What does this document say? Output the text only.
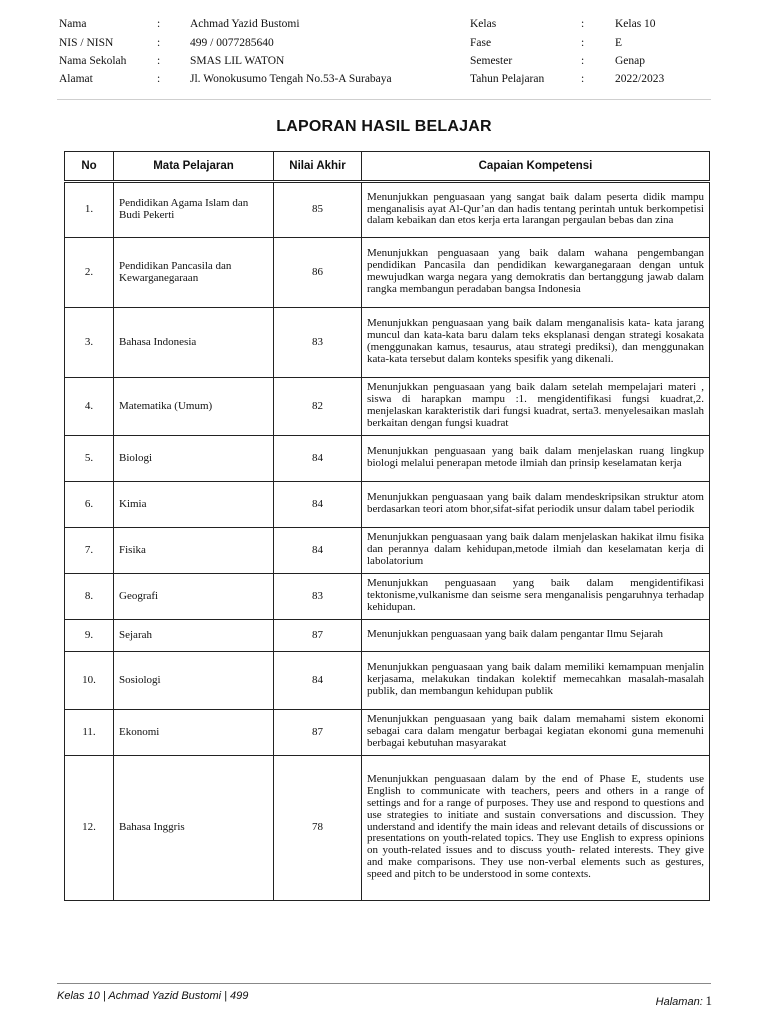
Nama	:	Achmad Yazid Bustomi
NIS / NISN	:	499 / 0077285640
Nama Sekolah	:	SMAS LIL WATON
Alamat	:	Jl. Wonokusumo Tengah No.53-A Surabaya
Kelas	:	Kelas 10
Fase	:	E
Semester	:	Genap
Tahun Pelajaran	:	2022/2023
LAPORAN HASIL BELAJAR
No	Mata Pelajaran	Nilai Akhir	Capaian Kompetensi
1.	Pendidikan Agama Islam dan Budi Pekerti	85	Menunjukkan penguasaan yang sangat baik dalam peserta didik mampu menganalisis ayat Al-Qur’an dan hadis tentang perintah untuk berkompetisi dalam kebaikan dan etos kerja erta larangan pergaulan bebas dan zina
2.	Pendidikan Pancasila dan Kewarganegaraan	86	Menunjukkan penguasaan yang baik dalam wahana pengembangan pendidikan Pancasila dan pendidikan kewarganegaraan dengan untuk mewujudkan warga negara yang demokratis dan bertanggung jawab dalam rangka membangun peradaban bangsa Indonesia
3.	Bahasa Indonesia	83	Menunjukkan penguasaan yang baik dalam menganalisis kata- kata jarang muncul dan kata-kata baru dalam teks eksplanasi dengan strategi kosakata (menggunakan kamus, tesaurus, atau strategi prediksi), dan menggunakan kata-kata tersebut dalam konteks spesifik yang dikenali.
4.	Matematika (Umum)	82	Menunjukkan penguasaan yang baik dalam setelah mempelajari materi , siswa di harapkan mampu :1. mengidentifikasi fungsi kuadrat,2. menjelaskan karakteristik dari fungsi kuadrat, serta3. menyelesaikan maslah berkaitan dengan fungsi kuadrat
5.	Biologi	84	Menunjukkan penguasaan yang baik dalam menjelaskan ruang lingkup biologi melalui penerapan metode ilmiah dan prinsip keselamatan kerja
6.	Kimia	84	Menunjukkan penguasaan yang baik dalam mendeskripsikan struktur atom berdasarkan teori atom bhor,sifat-sifat periodik unsur dalam tabel periodik
7.	Fisika	84	Menunjukkan penguasaan yang baik dalam menjelaskan hakikat ilmu fisika dan perannya dalam kehidupan,metode ilmiah dan keselamatan kerja di labolatorium
8.	Geografi	83	Menunjukkan penguasaan yang baik dalam mengidentifikasi tektonisme,vulkanisme dan seisme sera menganalisis pengaruhnya terhadap kehidupan.
9.	Sejarah	87	Menunjukkan penguasaan yang baik dalam pengantar Ilmu Sejarah
10.	Sosiologi	84	Menunjukkan penguasaan yang baik dalam memiliki kemampuan menjalin kerjasama, melakukan tindakan kolektif memecahkan masalah-masalah publik, dan membangun kehidupan publik
11.	Ekonomi	87	Menunjukkan penguasaan yang baik dalam memahami sistem ekonomi sebagai cara dalam mengatur berbagai kegiatan ekonomi guna memenuhi berbagai kebutuhan masyarakat
12.	Bahasa Inggris	78	Menunjukkan penguasaan dalam by the end of Phase E, students use English to communicate with teachers, peers and others in a range of settings and for a range of purposes. They use and respond to questions and use strategies to initiate and sustain conversations and discussion. They understand and identify the main ideas and relevant details of discussions or presentations on youth-related topics. They use English to express opinions on youth-related issues and to discuss youth- related interests. They give and make comparisons. They use non-verbal elements such as gestures, speed and pitch to be understood in some contexts.
Kelas 10 | Achmad Yazid Bustomi | 499	Halaman: 1
